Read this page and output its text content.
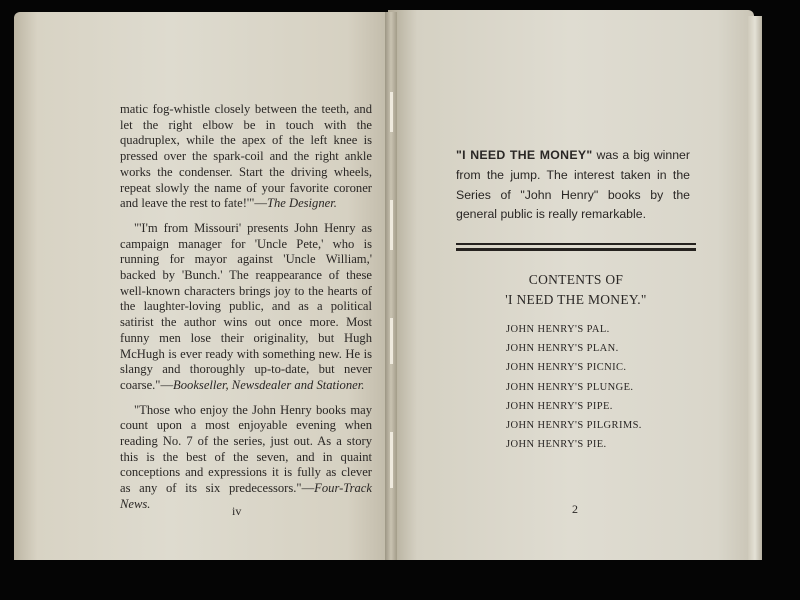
matic fog-whistle closely between the teeth, and let the right elbow be in touch with the quadruplex, while the apex of the left knee is pressed over the spark-coil and the right ankle works the condenser. Start the driving wheels, repeat slowly the name of your favorite coroner and leave the rest to fate!'"—The Designer.

"'I'm from Missouri' presents John Henry as campaign manager for 'Uncle Pete,' who is running for mayor against 'Uncle William,' backed by 'Bunch.' The reappearance of these well-known characters brings joy to the hearts of the laughter-loving public, and as a political satirist the author wins out once more. Most funny men lose their originality, but Hugh McHugh is ever ready with something new. He is slangy and thoroughly up-to-date, but never coarse."—Bookseller, Newsdealer and Stationer.

"Those who enjoy the John Henry books may count upon a most enjoyable evening when reading No. 7 of the series, just out. As a story this is the best of the seven, and in quaint conceptions and expressions it is fully as clever as any of its six predecessors."—Four-Track News.

iv
"I NEED THE MONEY" was a big winner from the jump. The interest taken in the Series of "John Henry" books by the general public is really remarkable.
CONTENTS OF
'I NEED THE MONEY."
JOHN HENRY'S PAL.
JOHN HENRY'S PLAN.
JOHN HENRY'S PICNIC.
JOHN HENRY'S PLUNGE.
JOHN HENRY'S PIPE.
JOHN HENRY'S PILGRIMS.
JOHN HENRY'S PIE.
2
